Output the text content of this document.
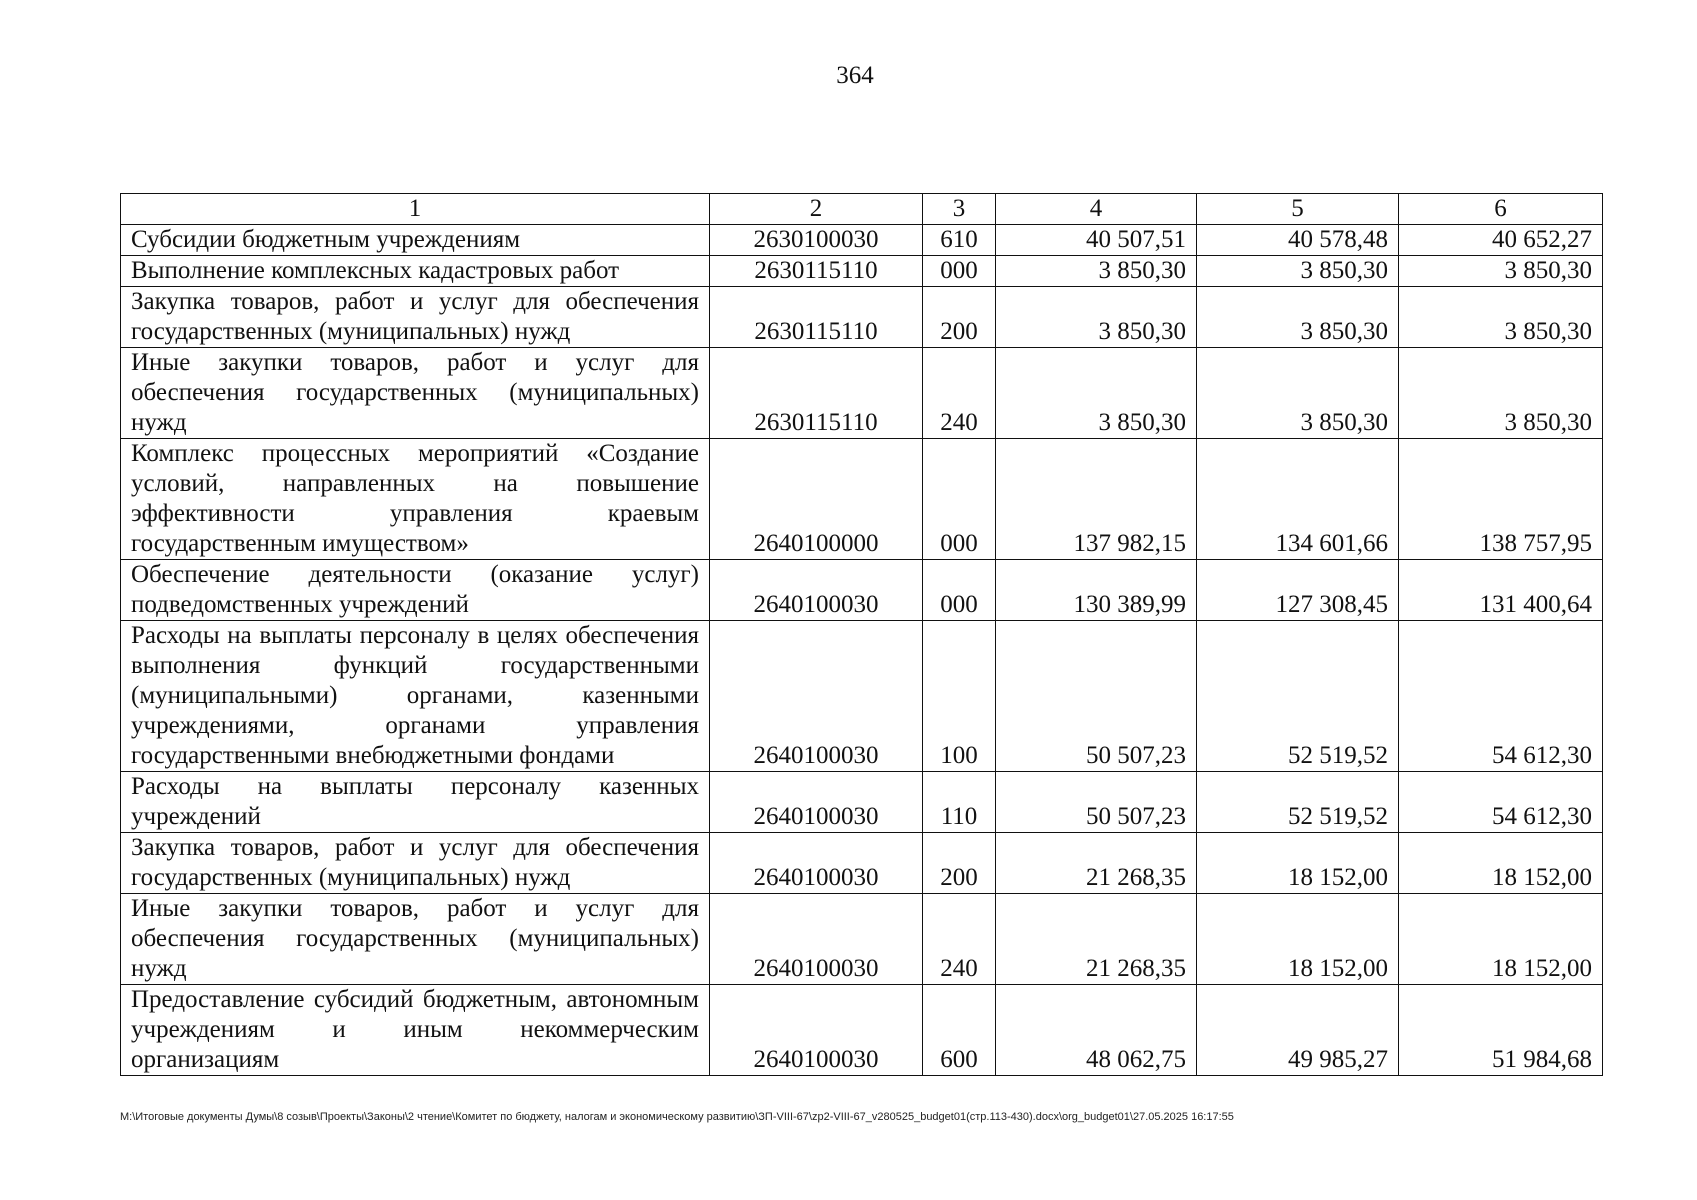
364
1	2	3	4	5	6
Субсидии бюджетным учреждениям	2630100030	610	40 507,51	40 578,48	40 652,27
Выполнение комплексных кадастровых работ	2630115110	000	3 850,30	3 850,30	3 850,30
Закупка товаров, работ и услуг для обеспечения государственных (муниципальных) нужд	2630115110	200	3 850,30	3 850,30	3 850,30
Иные закупки товаров, работ и услуг для обеспечения государственных (муниципальных) нужд	2630115110	240	3 850,30	3 850,30	3 850,30
Комплекс процессных мероприятий «Создание условий, направленных на повышение эффективности управления краевым государственным имуществом»	2640100000	000	137 982,15	134 601,66	138 757,95
Обеспечение деятельности (оказание услуг) подведомственных учреждений	2640100030	000	130 389,99	127 308,45	131 400,64
Расходы на выплаты персоналу в целях обеспечения выполнения функций государственными (муниципальными) органами, казенными учреждениями, органами управления государственными внебюджетными фондами	2640100030	100	50 507,23	52 519,52	54 612,30
Расходы на выплаты персоналу казенных учреждений	2640100030	110	50 507,23	52 519,52	54 612,30
Закупка товаров, работ и услуг для обеспечения государственных (муниципальных) нужд	2640100030	200	21 268,35	18 152,00	18 152,00
Иные закупки товаров, работ и услуг для обеспечения государственных (муниципальных) нужд	2640100030	240	21 268,35	18 152,00	18 152,00
Предоставление субсидий бюджетным, автономным учреждениям и иным некоммерческим организациям	2640100030	600	48 062,75	49 985,27	51 984,68
M:\Итоговые документы Думы\8 созыв\Проекты\Законы\2 чтение\Комитет по бюджету, налогам и экономическому развитию\ЗП-VIII-67\zp2-VIII-67_v280525_budget01(стр.113-430).docx\org_budget01\27.05.2025 16:17:55
